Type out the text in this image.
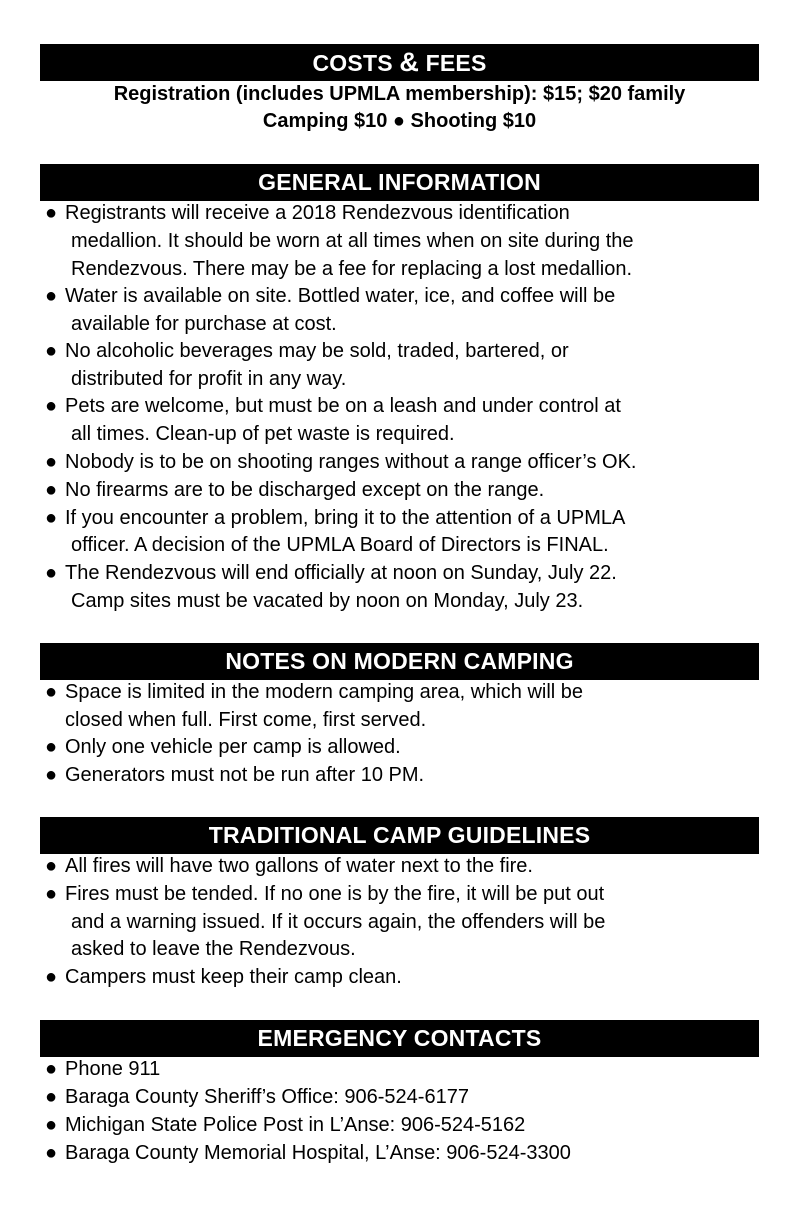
COSTS & FEES
Registration (includes UPMLA membership): $15; $20 family
Camping $10 ● Shooting $10
GENERAL INFORMATION
● Registrants will receive a 2018 Rendezvous identification
medallion. It should be worn at all times when on site during the
Rendezvous. There may be a fee for replacing a lost medallion.
● Water is available on site. Bottled water, ice, and coffee will be
available for purchase at cost.
● No alcoholic beverages may be sold, traded, bartered, or
distributed for profit in any way.
● Pets are welcome, but must be on a leash and under control at
all times. Clean-up of pet waste is required.
● Nobody is to be on shooting ranges without a range officer’s OK.
● No firearms are to be discharged except on the range.
● If you encounter a problem, bring it to the attention of a UPMLA
officer. A decision of the UPMLA Board of Directors is FINAL.
● The Rendezvous will end officially at noon on Sunday, July 22.
Camp sites must be vacated by noon on Monday, July 23.
NOTES ON MODERN CAMPING
● Space is limited in the modern camping area, which will be
closed when full. First come, first served.
● Only one vehicle per camp is allowed.
● Generators must not be run after 10 PM.
TRADITIONAL CAMP GUIDELINES
● All fires will have two gallons of water next to the fire.
● Fires must be tended. If no one is by the fire, it will be put out
and a warning issued. If it occurs again, the offenders will be
asked to leave the Rendezvous.
● Campers must keep their camp clean.
EMERGENCY CONTACTS
● Phone 911
● Baraga County Sheriff’s Office: 906-524-6177
● Michigan State Police Post in L’Anse: 906-524-5162
● Baraga County Memorial Hospital, L’Anse: 906-524-3300
